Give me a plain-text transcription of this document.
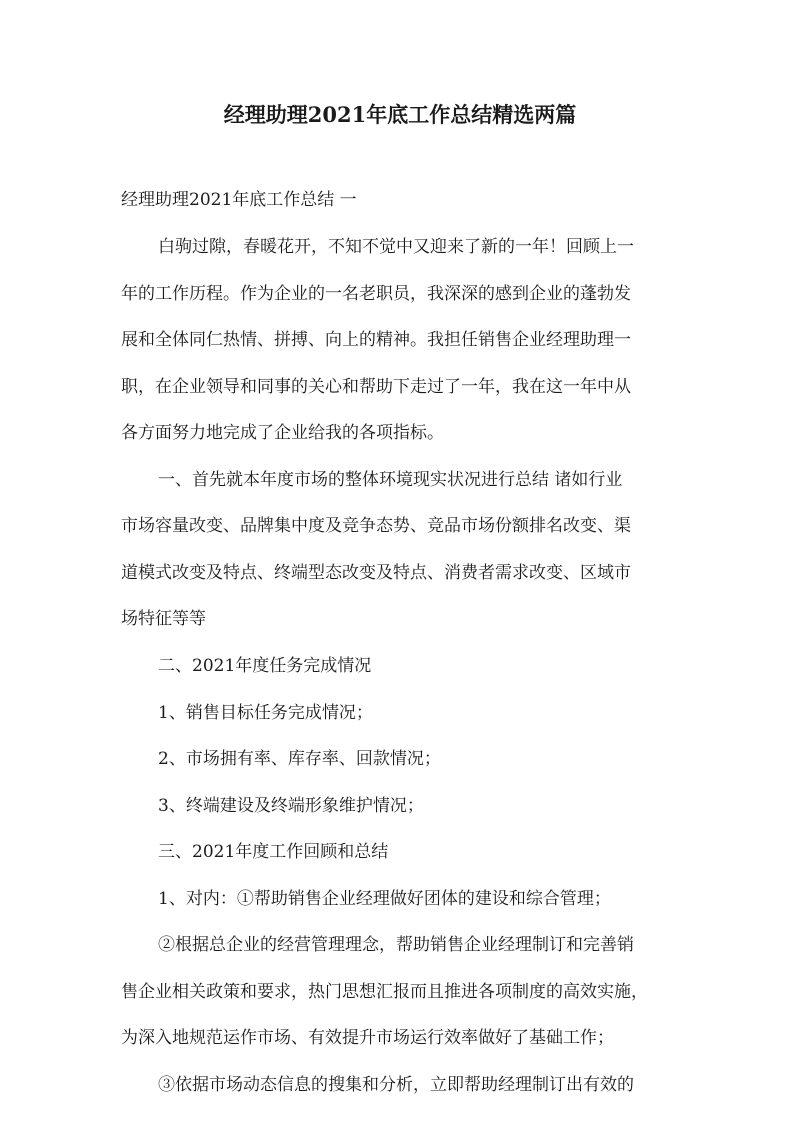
经理助理2021年底工作总结精选两篇
经理助理2021年底工作总结 一
白驹过隙，春暖花开，不知不觉中又迎来了新的一年！回顾上一
年的工作历程。作为企业的一名老职员，我深深的感到企业的蓬勃发
展和全体同仁热情、拼搏、向上的精神。我担任销售企业经理助理一
职，在企业领导和同事的关心和帮助下走过了一年，我在这一年中从
各方面努力地完成了企业给我的各项指标。
一、首先就本年度市场的整体环境现实状况进行总结 诸如行业
市场容量改变、品牌集中度及竞争态势、竞品市场份额排名改变、渠
道模式改变及特点、终端型态改变及特点、消费者需求改变、区域市
场特征等等
二、2021年度任务完成情况
1、销售目标任务完成情况；
2、市场拥有率、库存率、回款情况；
3、终端建设及终端形象维护情况；
三、2021年度工作回顾和总结
1、对内：①帮助销售企业经理做好团体的建设和综合管理；
②根据总企业的经营管理理念，帮助销售企业经理制订和完善销
售企业相关政策和要求，热门思想汇报而且推进各项制度的高效实施，
为深入地规范运作市场、有效提升市场运行效率做好了基础工作；
③依据市场动态信息的搜集和分析，立即帮助经理制订出有效的
